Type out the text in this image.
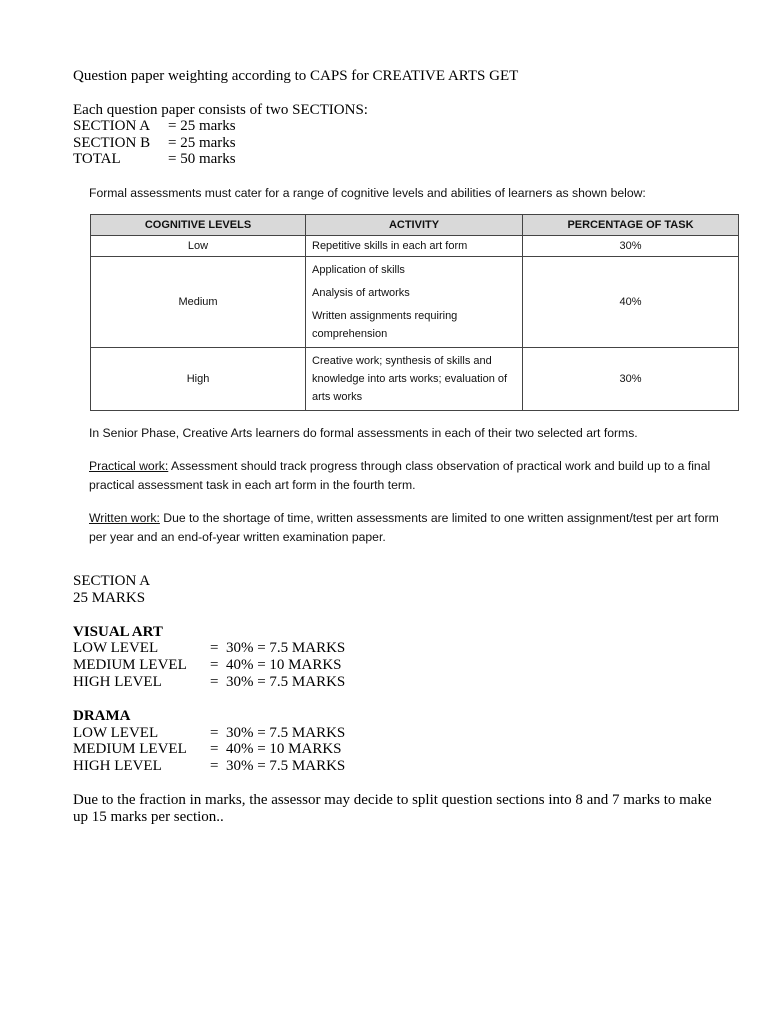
Question paper weighting according to CAPS for CREATIVE ARTS GET
Each question paper consists of two SECTIONS:
SECTION A	= 25 marks
SECTION B	= 25 marks
TOTAL	= 50 marks
Formal assessments must cater for a range of cognitive levels and abilities of learners as shown below:
COGNITIVE LEVELS	ACTIVITY	PERCENTAGE OF TASK
Low	Repetitive skills in each art form	30%
Medium	Application of skills
Analysis of artworks
Written assignments requiring comprehension	40%
High	Creative work; synthesis of skills and knowledge into arts works; evaluation of arts works	30%

In Senior Phase, Creative Arts learners do formal assessments in each of their two selected art forms.

Practical work: Assessment should track progress through class observation of practical work and build up to a final practical assessment task in each art form in the fourth term.

Written work: Due to the shortage of time, written assessments are limited to one written assignment/test per art form per year and an end-of-year written examination paper.

SECTION A
25 MARKS
VISUAL ART
LOW LEVEL	=  30% = 7.5 MARKS
MEDIUM LEVEL	=  40% = 10 MARKS
HIGH LEVEL	=  30% = 7.5 MARKS
DRAMA
LOW LEVEL	=  30% = 7.5 MARKS
MEDIUM LEVEL	=  40% = 10 MARKS
HIGH LEVEL	=  30% = 7.5 MARKS
Due to the fraction in marks, the assessor may decide to split question sections into 8 and 7 marks to make up 15 marks per section..
